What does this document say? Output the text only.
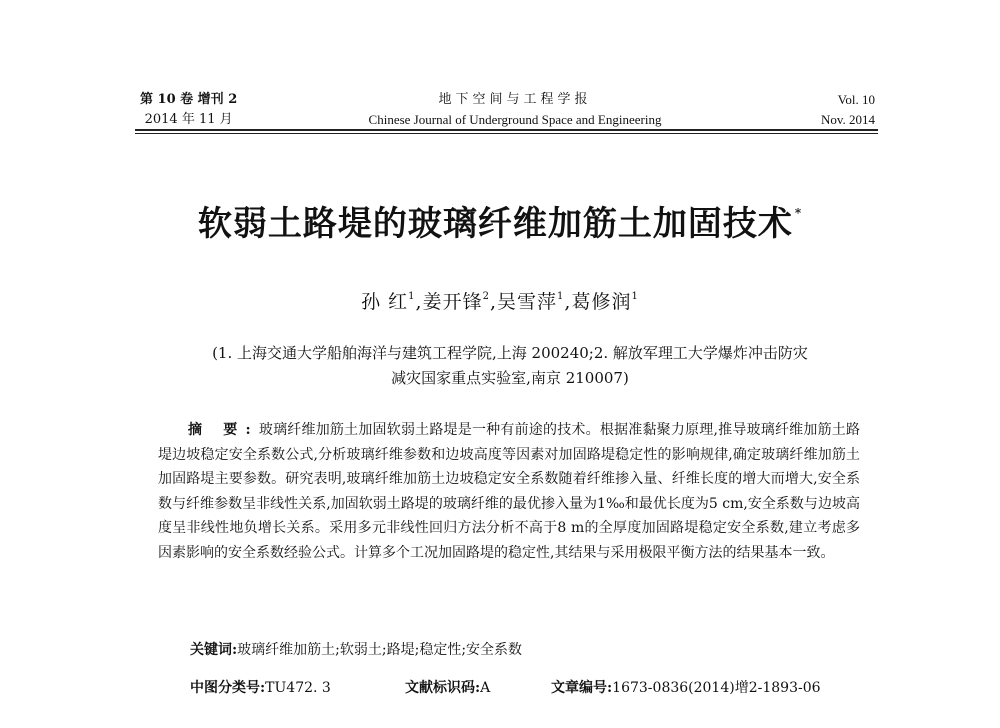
第 10 卷 增刊 2
2014 年 11 月
地下空间与工程学报
Chinese Journal of Underground Space and Engineering
Vol. 10
Nov. 2014
软弱土路堤的玻璃纤维加筋土加固技术 *
孙 红$^1$,姜开锋$^2$,吴雪萍$^1$,葛修润$^1$
(1. 上海交通大学船舶海洋与建筑工程学院,上海 200240;2. 解放军理工大学爆炸冲击防灾
减灾国家重点实验室,南京 210007)
摘 要:玻璃纤维加筋土加固软弱土路堤是一种有前途的技术。根据准黏聚力原理,推导玻璃纤维加筋土路堤边坡稳定安全系数公式,分析玻璃纤维参数和边坡高度等因素对加固路堤稳定性的影响规律,确定玻璃纤维加筋土加固路堤主要参数。研究表明,玻璃纤维加筋土边坡稳定安全系数随着纤维掺入量、纤维长度的增大而增大,安全系数与纤维参数呈非线性关系,加固软弱土路堤的玻璃纤维的最优掺入量为1‰和最优长度为5 cm,安全系数与边坡高度呈非线性地负增长关系。采用多元非线性回归方法分析不高于8 m的全厚度加固路堤稳定安全系数,建立考虑多因素影响的安全系数经验公式。计算多个工况加固路堤的稳定性,其结果与采用极限平衡方法的结果基本一致。
关键词:玻璃纤维加筋土;软弱土;路堤;稳定性;安全系数
中图分类号:TU472. 3	文献标识码:A	文章编号:1673-0836(2014)增2-1893-06
